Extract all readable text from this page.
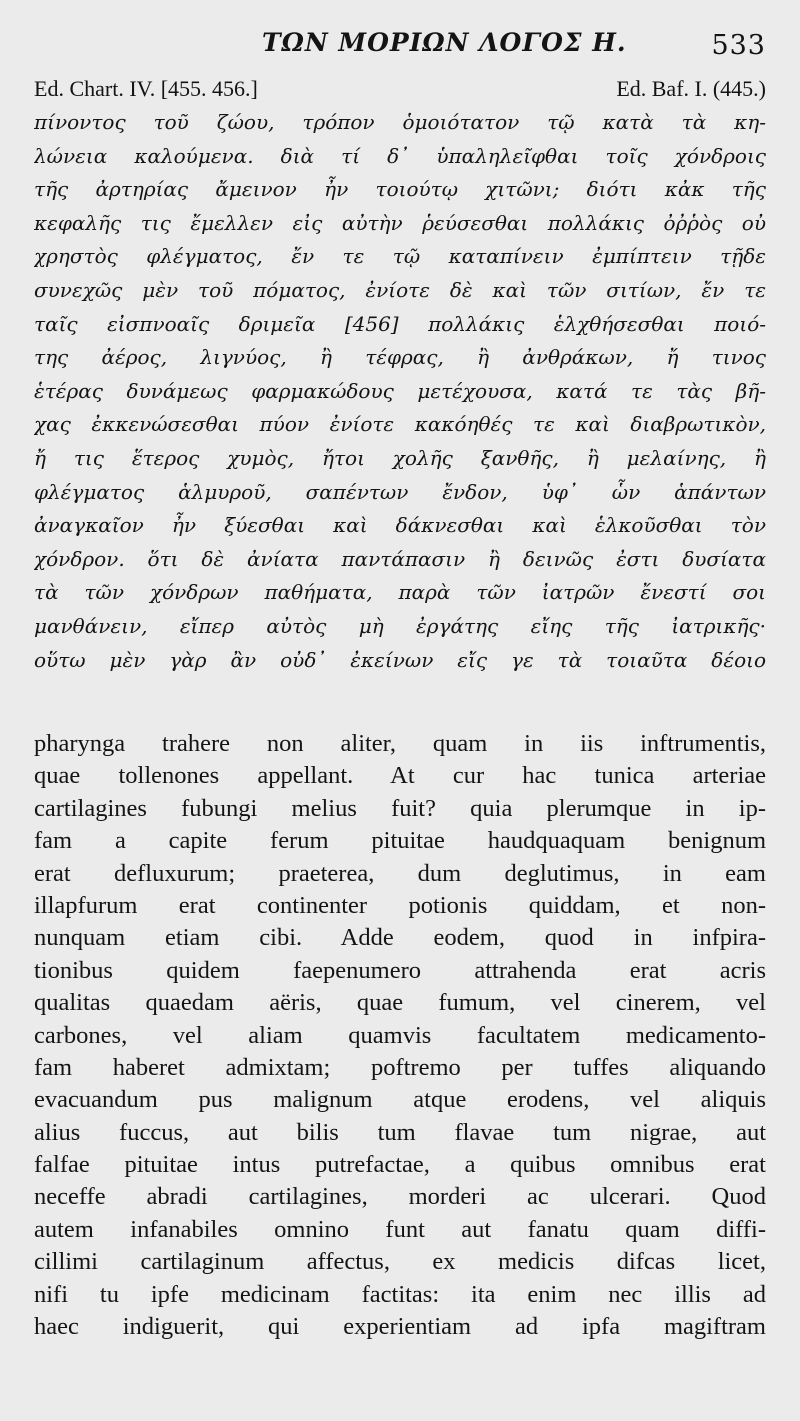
ΤΩΝ ΜΟΡΙΩΝ ΛΟΓΟΣ Η.	533
Ed. Chart. IV. [455. 456.]	Ed. Baf. I. (445.)
πίνοντος τοῦ ζώου, τρόπον ὁμοιότατον τῷ κατὰ τὰ κη-
λώνεια καλούμενα. διὰ τί δ᾽ ὑπαληλεῖφθαι τοῖς χόνδροις
τῆς ἀρτηρίας ἄμεινον ἦν τοιούτῳ χιτῶνι; διότι κἀκ τῆς
κεφαλῆς τις ἔμελλεν εἰς αὐτὴν ῥεύσεσθαι πολλάκις ὀῤῥὸς οὐ
χρηστὸς φλέγματος, ἔν τε τῷ καταπίνειν ἐμπίπτειν τῇδε
συνεχῶς μὲν τοῦ πόματος, ἐνίοτε δὲ καὶ τῶν σιτίων, ἔν τε
ταῖς εἰσπνοαῖς δριμεῖα [456] πολλάκις ἑλχθήσεσθαι ποιό-
της ἀέρος, λιγνύος, ἢ τέφρας, ἢ ἀνθράκων, ἤ τινος
ἑτέρας δυνάμεως φαρμακώδους μετέχουσα, κατά τε τὰς βῆ-
χας ἐκκενώσεσθαι πύον ἐνίοτε κακόηθές τε καὶ διαβρωτικὸν,
ἤ τις ἕτερος χυμὸς, ἤτοι χολῆς ξανθῆς, ἢ μελαίνης, ἢ
φλέγματος ἁλμυροῦ, σαπέντων ἔνδον, ὑφ᾽ ὧν ἁπάντων
ἀναγκαῖον ἦν ξύεσθαι καὶ δάκνεσθαι καὶ ἑλκοῦσθαι τὸν
χόνδρον. ὅτι δὲ ἀνίατα παντάπασιν ἢ δεινῶς ἐστι δυσίατα
τὰ τῶν χόνδρων παθήματα, παρὰ τῶν ἰατρῶν ἔνεστί σοι
μανθάνειν, εἴπερ αὐτὸς μὴ ἐργάτης εἴης τῆς ἰατρικῆς·
οὕτω μὲν γὰρ ἂν οὐδ᾽ ἐκείνων εἴς γε τὰ τοιαῦτα δέοιο
pharynga trahere non aliter, quam in iis inftrumentis,
quae tollenones appellant. At cur hac tunica arteriae
cartilagines fubungi melius fuit? quia plerumque in ip-
fam a capite ferum pituitae haudquaquam benignum
erat defluxurum; praeterea, dum deglutimus, in eam
illapfurum erat continenter potionis quiddam, et non-
nunquam etiam cibi. Adde eodem, quod in infpira-
tionibus quidem faepenumero attrahenda erat acris
qualitas quaedam aëris, quae fumum, vel cinerem, vel
carbones, vel aliam quamvis facultatem medicamento-
fam haberet admixtam; poftremo per tuffes aliquando
evacuandum pus malignum atque erodens, vel aliquis
alius fuccus, aut bilis tum flavae tum nigrae, aut
falfae pituitae intus putrefactae, a quibus omnibus erat
neceffe abradi cartilagines, morderi ac ulcerari. Quod
autem infanabiles omnino funt aut fanatu quam diffi-
cillimi cartilaginum affectus, ex medicis difcas licet,
nifi tu ipfe medicinam factitas: ita enim nec illis ad
haec indiguerit, qui experientiam ad ipfa magiftram
